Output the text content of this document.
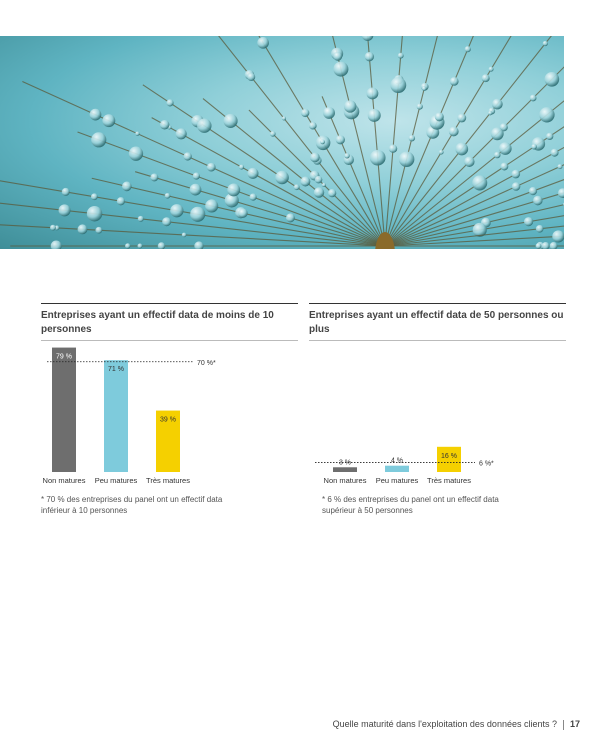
Entreprises ayant un effectif data de moins de 10 personnes
79 %
Non matures
71 %
Peu matures
39 %
Très matures
70 %*
* 70 % des entreprises du panel ont un effectif data inférieur à 10 personnes
Entreprises ayant un effectif data de 50 personnes ou plus
3 %
Non matures
4 %
Peu matures
16 %
Très matures
6 %*
* 6 % des entreprises du panel ont un effectif data supérieur à 50 personnes
Quelle maturité dans l'exploitation des données clients ? 17
